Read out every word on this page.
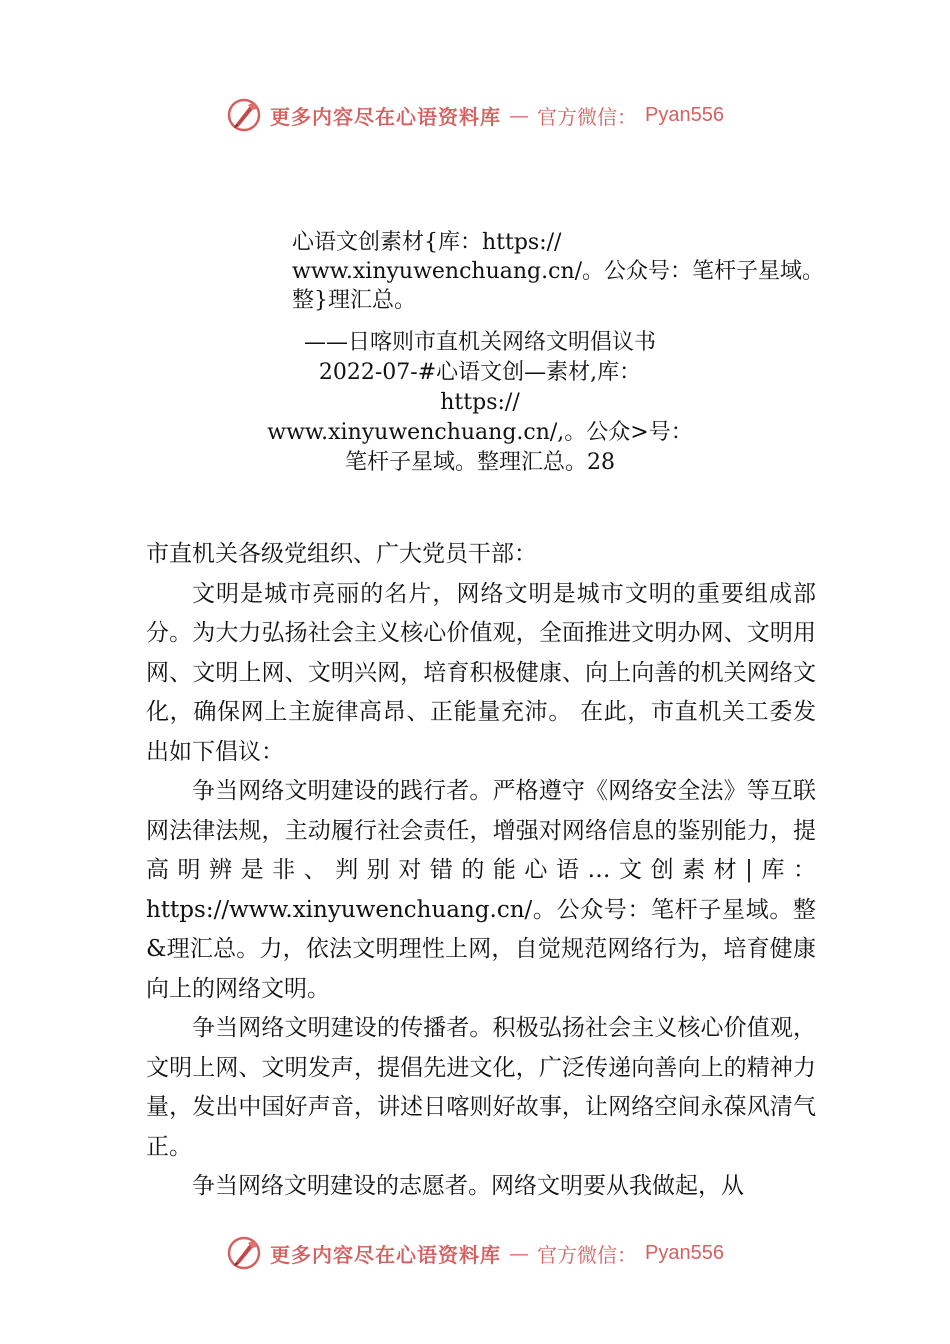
更多内容尽在心语资料库 — 官方微信： Pyan556
心语文创素材{库：https://
www.xinyuwenchuang.cn/。公众号：笔杆子星域。
整}理汇总。
——日喀则市直机关网络文明倡议书
2022-07-#心语文创—素材,库：
https://
www.xinyuwenchuang.cn/,。公众>号：
笔杆子星域。整理汇总。28
市直机关各级党组织、广大党员干部：

文明是城市亮丽的名片，网络文明是城市文明的重要组成部分。为大力弘扬社会主义核心价值观，全面推进文明办网、文明用网、文明上网、文明兴网，培育积极健康、向上向善的机关网络文化，确保网上主旋律高昂、正能量充沛。 在此，市直机关工委发出如下倡议：

争当网络文明建设的践行者。严格遵守《网络安全法》等互联网法律法规，主动履行社会责任，增强对网络信息的鉴别能力，提高明辨是非、判别对错的能心语…文创素材|库：https://www.xinyuwenchuang.cn/。公众号：笔杆子星域。整&理汇总。力，依法文明理性上网，自觉规范网络行为，培育健康向上的网络文明。

争当网络文明建设的传播者。积极弘扬社会主义核心价值观，文明上网、文明发声，提倡先进文化，广泛传递向善向上的精神力量，发出中国好声音，讲述日喀则好故事，让网络空间永葆风清气正。

争当网络文明建设的志愿者。网络文明要从我做起，从

更多内容尽在心语资料库 — 官方微信： Pyan556
